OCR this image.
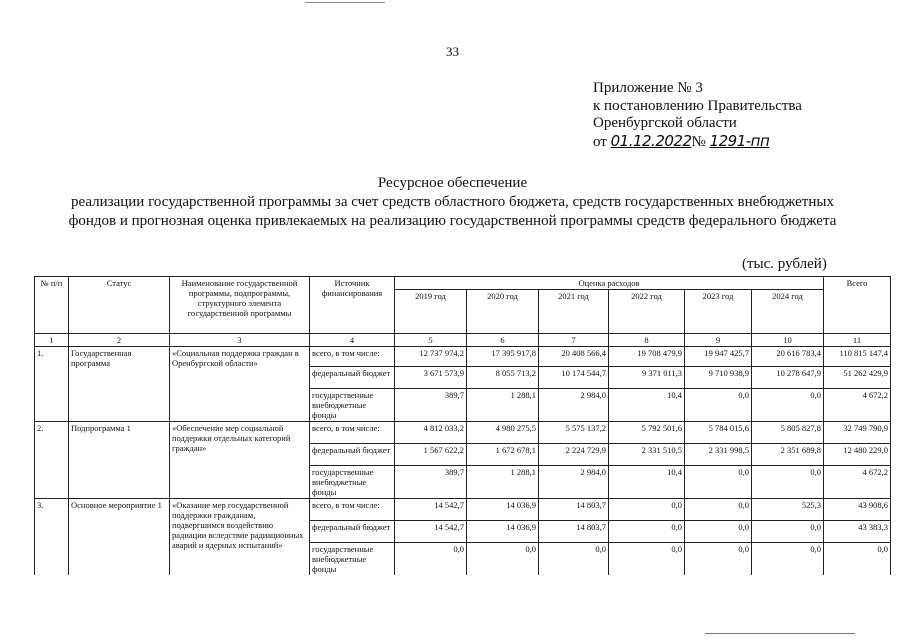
33
Приложение № 3
к постановлению Правительства
Оренбургской области
от 01.12.2022№ 1291-пп
Ресурсное обеспечение
реализации государственной программы за счет средств областного бюджета, средств государственных внебюджетных
фондов и прогнозная оценка привлекаемых на реализацию государственной программы средств федерального бюджета
(тыс. рублей)
№ п/п	Статус	Наименование государственной программы, подпрограммы, структурного элемента государственной программы	Источник финансирования	Оценка расходов						Всего
				2019 год	2020 год	2021 год	2022 год	2023 год	2024 год	
1	2	3	4	5	6	7	8	9	10	11
1.	Государственная программа	«Социальная поддержка граждан в Оренбургской области»	всего, в том числе:	12 737 974,2	17 395 917,8	20 408 566,4	19 708 479,9	19 947 425,7	20 616 783,4	110 815 147,4
			федеральный бюджет	3 671 573,9	8 055 713,2	10 174 544,7	9 371 011,3	9 710 938,9	10 278 647,9	51 262 429,9
			государственные внебюджетные фонды	389,7	1 288,1	2 984,0	10,4	0,0	0,0	4 672,2
2.	Подпрограмма 1	«Обеспечение мер социальной поддержки отдельных категорий граждан»	всего, в том числе:	4 812 033,2	4 980 275,5	5 575 137,2	5 792 501,6	5 784 015,6	5 805 827,8	32 749 790,9
			федеральный бюджет	1 567 622,2	1 672 678,1	2 224 729,9	2 331 510,5	2 331 998,5	2 351 689,8	12 480 229,0
			государственные внебюджетные фонды	389,7	1 288,1	2 984,0	10,4	0,0	0,0	4 672,2
3.	Основное мероприятие 1	«Оказание мер государственной поддержки гражданам, подвергшимся воздействию радиации вследствие радиационных аварий и ядерных испытаний»	всего, в том числе:	14 542,7	14 036,9	14 803,7	0,0	0,0	525,3	43 908,6
			федеральный бюджет	14 542,7	14 036,9	14 803,7	0,0	0,0	0,0	43 383,3
			государственные внебюджетные фонды	0,0	0,0	0,0	0,0	0,0	0,0	0,0
